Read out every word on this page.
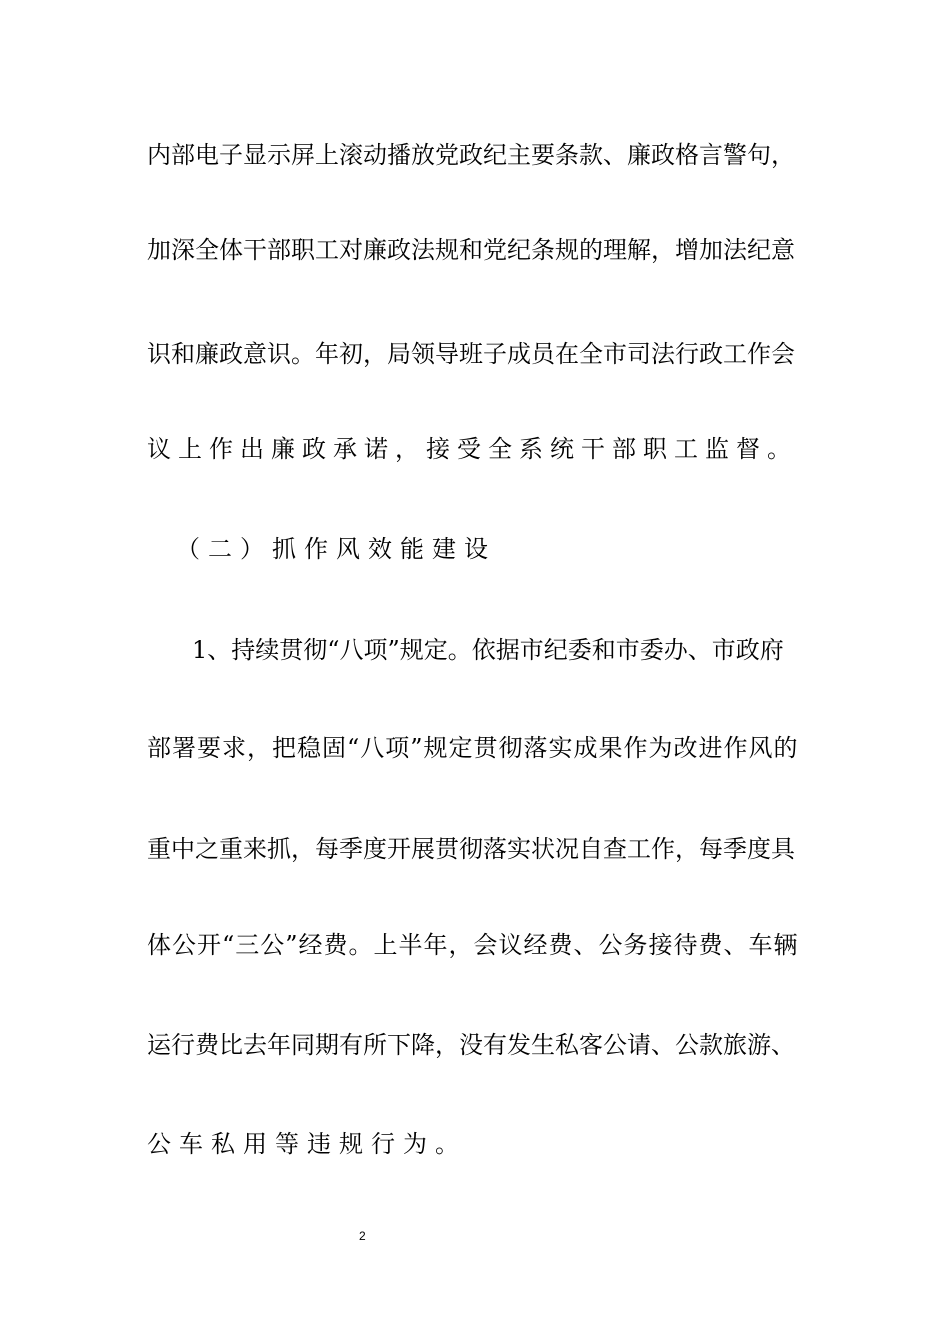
内部电子显示屏上滚动播放党政纪主要条款、廉政格言警句，
加深全体干部职工对廉政法规和党纪条规的理解，增加法纪意
识和廉政意识。年初，局领导班子成员在全市司法行政工作会
议上作出廉政承诺，接受全系统干部职工监督。
（二）抓作风效能建设
1、持续贯彻“八项”规定。依据市纪委和市委办、市政府
部署要求，把稳固“八项”规定贯彻落实成果作为改进作风的
重中之重来抓，每季度开展贯彻落实状况自查工作，每季度具
体公开“三公”经费。上半年，会议经费、公务接待费、车辆
运行费比去年同期有所下降，没有发生私客公请、公款旅游、
公车私用等违规行为。
2
